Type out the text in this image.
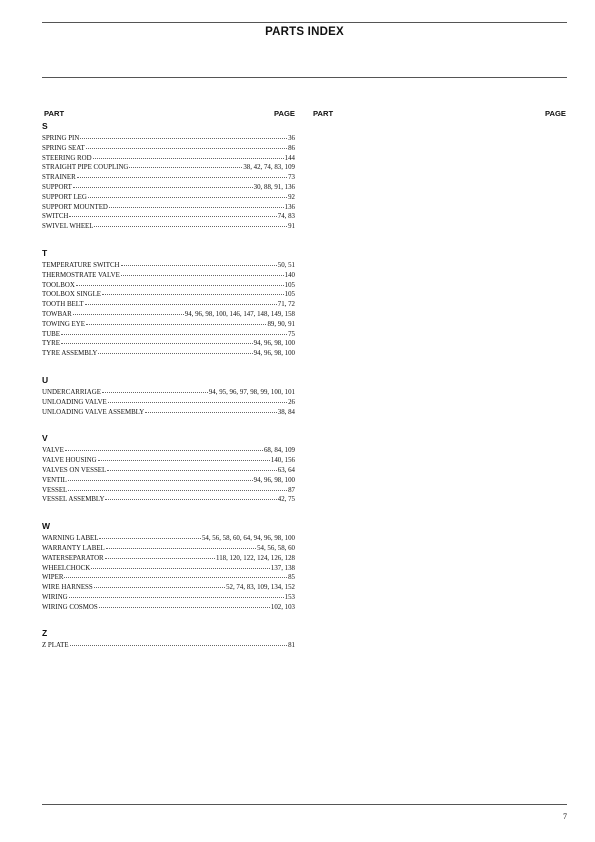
PARTS INDEX
PART	PAGE PART	PAGE
S
SPRING PIN	36
SPRING SEAT	86
STEERING ROD	144
STRAIGHT PIPE COUPLING	38, 42, 74, 83, 109
STRAINER	73
SUPPORT	30, 88, 91, 136
SUPPORT LEG	92
SUPPORT MOUNTED	136
SWITCH	74, 83
SWIVEL WHEEL	91
T
TEMPERATURE SWITCH	50, 51
THERMOSTRATE VALVE	140
TOOLBOX	105
TOOLBOX SINGLE	105
TOOTH BELT	71, 72
TOWBAR	94, 96, 98, 100, 146, 147, 148, 149, 158
TOWING EYE	89, 90, 91
TUBE	75
TYRE	94, 96, 98, 100
TYRE ASSEMBLY	94, 96, 98, 100
U
UNDERCARRIAGE	94, 95, 96, 97, 98, 99, 100, 101
UNLOADING VALVE	26
UNLOADING VALVE ASSEMBLY	38, 84
V
VALVE	68, 84, 109
VALVE HOUSING	140, 156
VALVES ON VESSEL	63, 64
VENTIL	94, 96, 98, 100
VESSEL	87
VESSEL ASSEMBLY	42, 75
W
WARNING LABEL	54, 56, 58, 60, 64, 94, 96, 98, 100
WARRANTY LABEL	54, 56, 58, 60
WATERSEPARATOR	118, 120, 122, 124, 126, 128
WHEELCHOCK	137, 138
WIPER	85
WIRE HARNESS	52, 74, 83, 109, 134, 152
WIRING	153
WIRING COSMOS	102, 103
Z
Z PLATE	81
7
